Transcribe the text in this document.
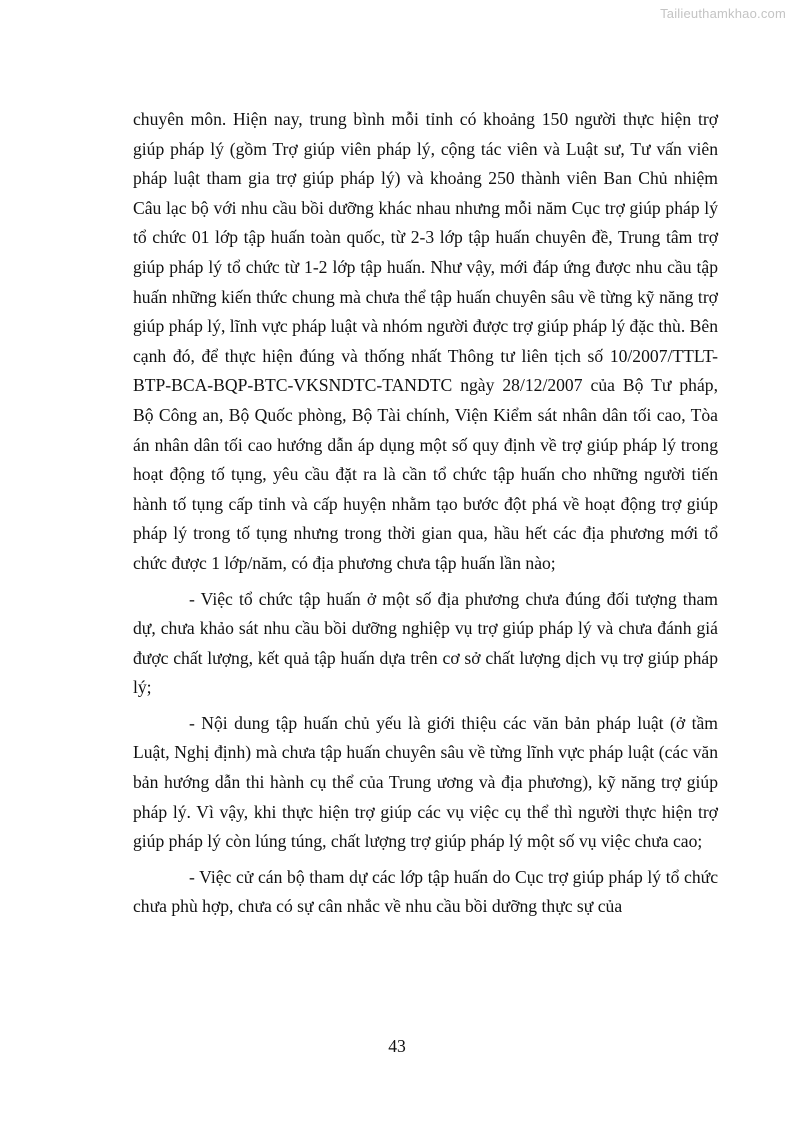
Tailieuthamkhao.com

chuyên môn. Hiện nay, trung bình mỗi tỉnh có khoảng 150 người thực hiện trợ giúp pháp lý (gồm Trợ giúp viên pháp lý, cộng tác viên và Luật sư, Tư vấn viên pháp luật tham gia trợ giúp pháp lý) và khoảng 250 thành viên Ban Chủ nhiệm Câu lạc bộ với nhu cầu bồi dưỡng khác nhau nhưng mỗi năm Cục trợ giúp pháp lý tổ chức 01 lớp tập huấn toàn quốc, từ 2-3 lớp tập huấn chuyên đề, Trung tâm trợ giúp pháp lý tổ chức từ 1-2 lớp tập huấn. Như vậy, mới đáp ứng được nhu cầu tập huấn những kiến thức chung mà chưa thể tập huấn chuyên sâu về từng kỹ năng trợ giúp pháp lý, lĩnh vực pháp luật và nhóm người được trợ giúp pháp lý đặc thù. Bên cạnh đó, để thực hiện đúng và thống nhất Thông tư liên tịch số 10/2007/TTLT-BTP-BCA-BQP-BTC-VKSNDTC-TANDTC ngày 28/12/2007 của Bộ Tư pháp, Bộ Công an, Bộ Quốc phòng, Bộ Tài chính, Viện Kiểm sát nhân dân tối cao, Tòa án nhân dân tối cao hướng dẫn áp dụng một số quy định về trợ giúp pháp lý trong hoạt động tố tụng, yêu cầu đặt ra là cần tổ chức tập huấn cho những người tiến hành tố tụng cấp tỉnh và cấp huyện nhằm tạo bước đột phá về hoạt động trợ giúp pháp lý trong tố tụng nhưng trong thời gian qua, hầu hết các địa phương mới tổ chức được 1 lớp/năm, có địa phương chưa tập huấn lần nào;

- Việc tổ chức tập huấn ở một số địa phương chưa đúng đối tượng tham dự, chưa khảo sát nhu cầu bồi dưỡng nghiệp vụ trợ giúp pháp lý và chưa đánh giá được chất lượng, kết quả tập huấn dựa trên cơ sở chất lượng dịch vụ trợ giúp pháp lý;

- Nội dung tập huấn chủ yếu là giới thiệu các văn bản pháp luật (ở tầm Luật, Nghị định) mà chưa tập huấn chuyên sâu về từng lĩnh vực pháp luật (các văn bản hướng dẫn thi hành cụ thể của Trung ương và địa phương), kỹ năng trợ giúp pháp lý. Vì vậy, khi thực hiện trợ giúp các vụ việc cụ thể thì người thực hiện trợ giúp pháp lý còn lúng túng, chất lượng trợ giúp pháp lý một số vụ việc chưa cao;

- Việc cử cán bộ tham dự các lớp tập huấn do Cục trợ giúp pháp lý tổ chức chưa phù hợp, chưa có sự cân nhắc về nhu cầu bồi dưỡng thực sự của

43
